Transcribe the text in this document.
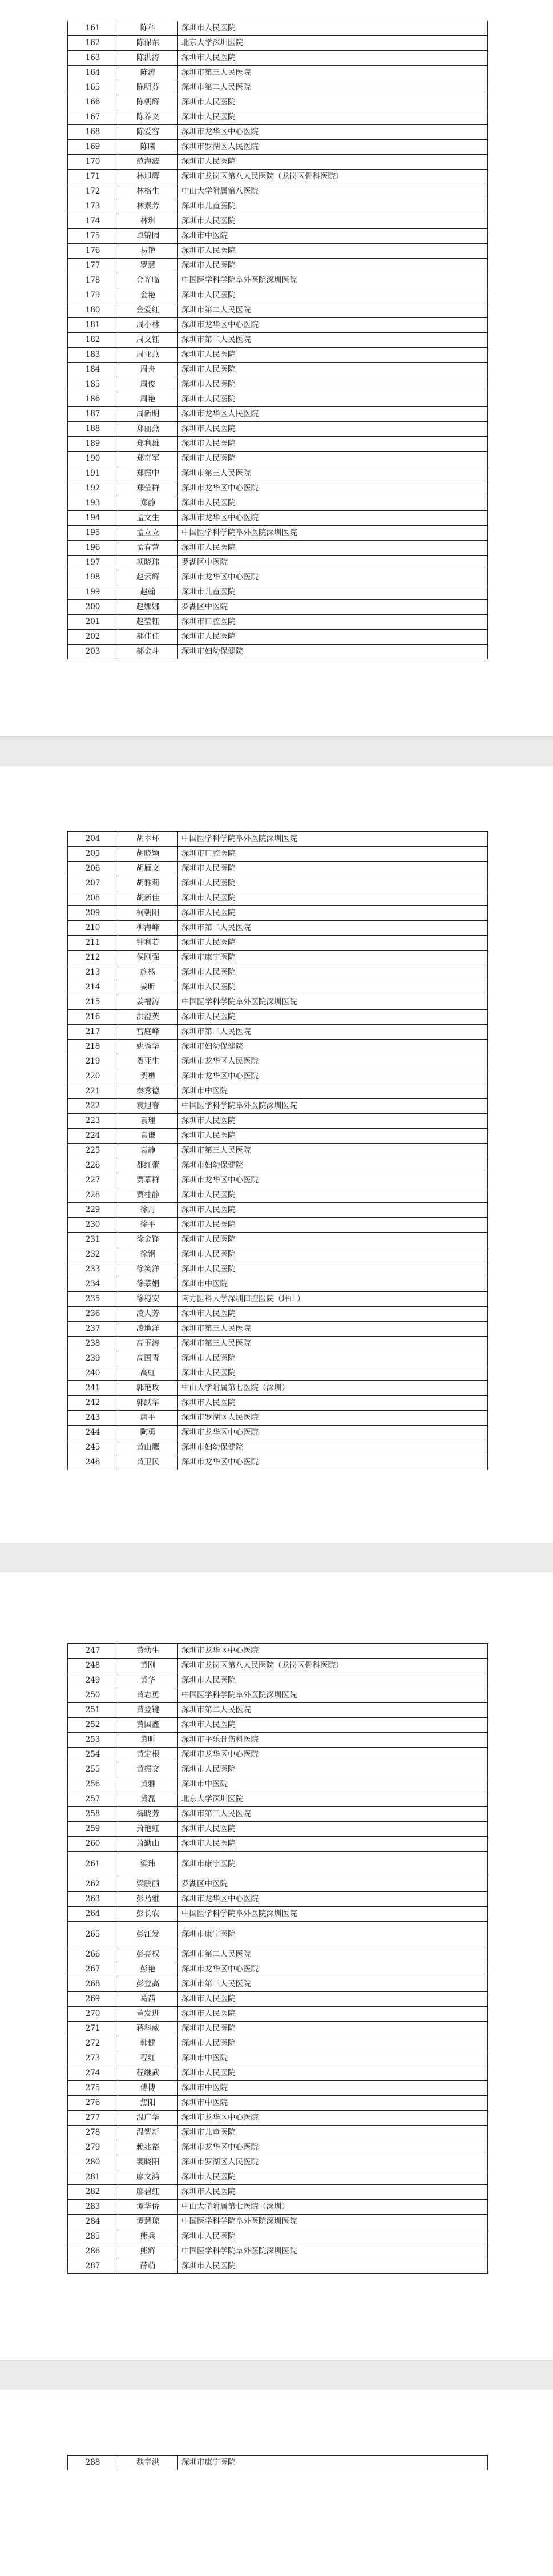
161	陈科	深圳市人民医院
162	陈保东	北京大学深圳医院
163	陈洪涛	深圳市人民医院
164	陈涛	深圳市第三人民医院
165	陈明芬	深圳市第二人民医院
166	陈朝辉	深圳市人民医院
167	陈养义	深圳市人民医院
168	陈爱容	深圳市龙华区中心医院
169	陈曦	深圳市罗湖区人民医院
170	范海波	深圳市人民医院
171	林旭辉	深圳市龙岗区第八人民医院（龙岗区骨科医院）
172	林格生	中山大学附属第八医院
173	林素芳	深圳市儿童医院
174	林琪	深圳市人民医院
175	卓锦园	深圳市中医院
176	易艳	深圳市人民医院
177	罗慧	深圳市人民医院
178	金光临	中国医学科学院阜外医院深圳医院
179	金艳	深圳市人民医院
180	金爱红	深圳市第二人民医院
181	周小林	深圳市龙华区中心医院
182	周文钰	深圳市第二人民医院
183	周亚燕	深圳市人民医院
184	周舟	深圳市人民医院
185	周俊	深圳市人民医院
186	周艳	深圳市人民医院
187	周新明	深圳市龙华区人民医院
188	郑丽燕	深圳市人民医院
189	郑利雄	深圳市人民医院
190	郑奇军	深圳市人民医院
191	郑振中	深圳市第三人民医院
192	郑莹群	深圳市龙华区中心医院
193	郑静	深圳市人民医院
194	孟文生	深圳市龙华区中心医院
195	孟立立	中国医学科学院阜外医院深圳医院
196	孟春营	深圳市人民医院
197	项晓玮	罗湖区中医院
198	赵云辉	深圳市龙华区中心医院
199	赵翰	深圳市儿童医院
200	赵娜娜	罗湖区中医院
201	赵莹钰	深圳市口腔医院
202	郝佳佳	深圳市人民医院
203	郝金斗	深圳市妇幼保健院
204	胡辜环	中国医学科学院阜外医院深圳医院
205	胡晓颖	深圳市口腔医院
206	胡雁文	深圳市人民医院
207	胡雅莉	深圳市人民医院
208	胡新佳	深圳市人民医院
209	柯朝阳	深圳市人民医院
210	柳海峰	深圳市第二人民医院
211	钟利若	深圳市人民医院
212	侯刚强	深圳市康宁医院
213	施杨	深圳市人民医院
214	姜昕	深圳市人民医院
215	姜福涛	中国医学科学院阜外医院深圳医院
216	洪澄英	深圳市人民医院
217	宫庭峰	深圳市第二人民医院
218	姚秀华	深圳市妇幼保健院
219	贺亚生	深圳市龙华区人民医院
220	贺樵	深圳市龙华区中心医院
221	秦秀德	深圳市中医院
222	袁旭春	中国医学科学院阜外医院深圳医院
223	袁理	深圳市人民医院
224	袁谦	深圳市人民医院
225	袁静	深圳市第三人民医院
226	都红蕾	深圳市妇幼保健院
227	贾慕群	深圳市龙华区中心医院
228	贾桂静	深圳市人民医院
229	徐丹	深圳市人民医院
230	徐平	深圳市人民医院
231	徐金锋	深圳市人民医院
232	徐钢	深圳市人民医院
233	徐笑洋	深圳市人民医院
234	徐慕娟	深圳市中医院
235	徐稳安	南方医科大学深圳口腔医院（坪山）
236	凌人芳	深圳市人民医院
237	凌地洋	深圳市第三人民医院
238	高玉涛	深圳市第三人民医院
239	高国青	深圳市人民医院
240	高虹	深圳市人民医院
241	郭艳玫	中山大学附属第七医院（深圳）
242	郭跃华	深圳市人民医院
243	唐平	深圳市罗湖区人民医院
244	陶勇	深圳市龙华区中心医院
245	黄山鹰	深圳市妇幼保健院
246	黄卫民	深圳市龙华区中心医院
247	黄幼生	深圳市龙华区中心医院
248	黄刚	深圳市龙岗区第八人民医院（龙岗区骨科医院）
249	黄华	深圳市人民医院
250	黄志勇	中国医学科学院阜外医院深圳医院
251	黄登键	深圳市第二人民医院
252	黄国鑫	深圳市人民医院
253	黄昕	深圳市平乐骨伤科医院
254	黄定根	深圳市龙华区中心医院
255	黄振文	深圳市人民医院
256	黄雅	深圳市中医院
257	黄磊	北京大学深圳医院
258	梅晓芳	深圳市第三人民医院
259	萧艳虹	深圳市人民医院
260	萧勤山	深圳市人民医院
261	梁玮	深圳市康宁医院
262	梁鹏丽	罗湖区中医院
263	彭乃雅	深圳市龙华区中心医院
264	彭长农	中国医学科学院阜外医院深圳医院
265	彭江发	深圳市康宁医院
266	彭亮权	深圳市第二人民医院
267	彭艳	深圳市龙华区中心医院
268	彭登高	深圳市第三人民医院
269	葛茜	深圳市人民医院
270	董发进	深圳市人民医院
271	蒋科威	深圳市人民医院
272	韩健	深圳市人民医院
273	程红	深圳市中医院
274	程继武	深圳市人民医院
275	傅博	深圳市中医院
276	焦阳	深圳市中医院
277	温广华	深圳市龙华区中心医院
278	温智新	深圳市儿童医院
279	赖兆裕	深圳市龙华区中心医院
280	裴晓阳	深圳市罗湖区人民医院
281	廖文鸿	深圳市人民医院
282	廖碧红	深圳市人民医院
283	谭华侨	中山大学附属第七医院（深圳）
284	谭慧琼	中国医学科学院阜外医院深圳医院
285	熊兵	深圳市人民医院
286	熊辉	中国医学科学院阜外医院深圳医院
287	薛萌	深圳市人民医院
288	魏章洪	深圳市康宁医院
